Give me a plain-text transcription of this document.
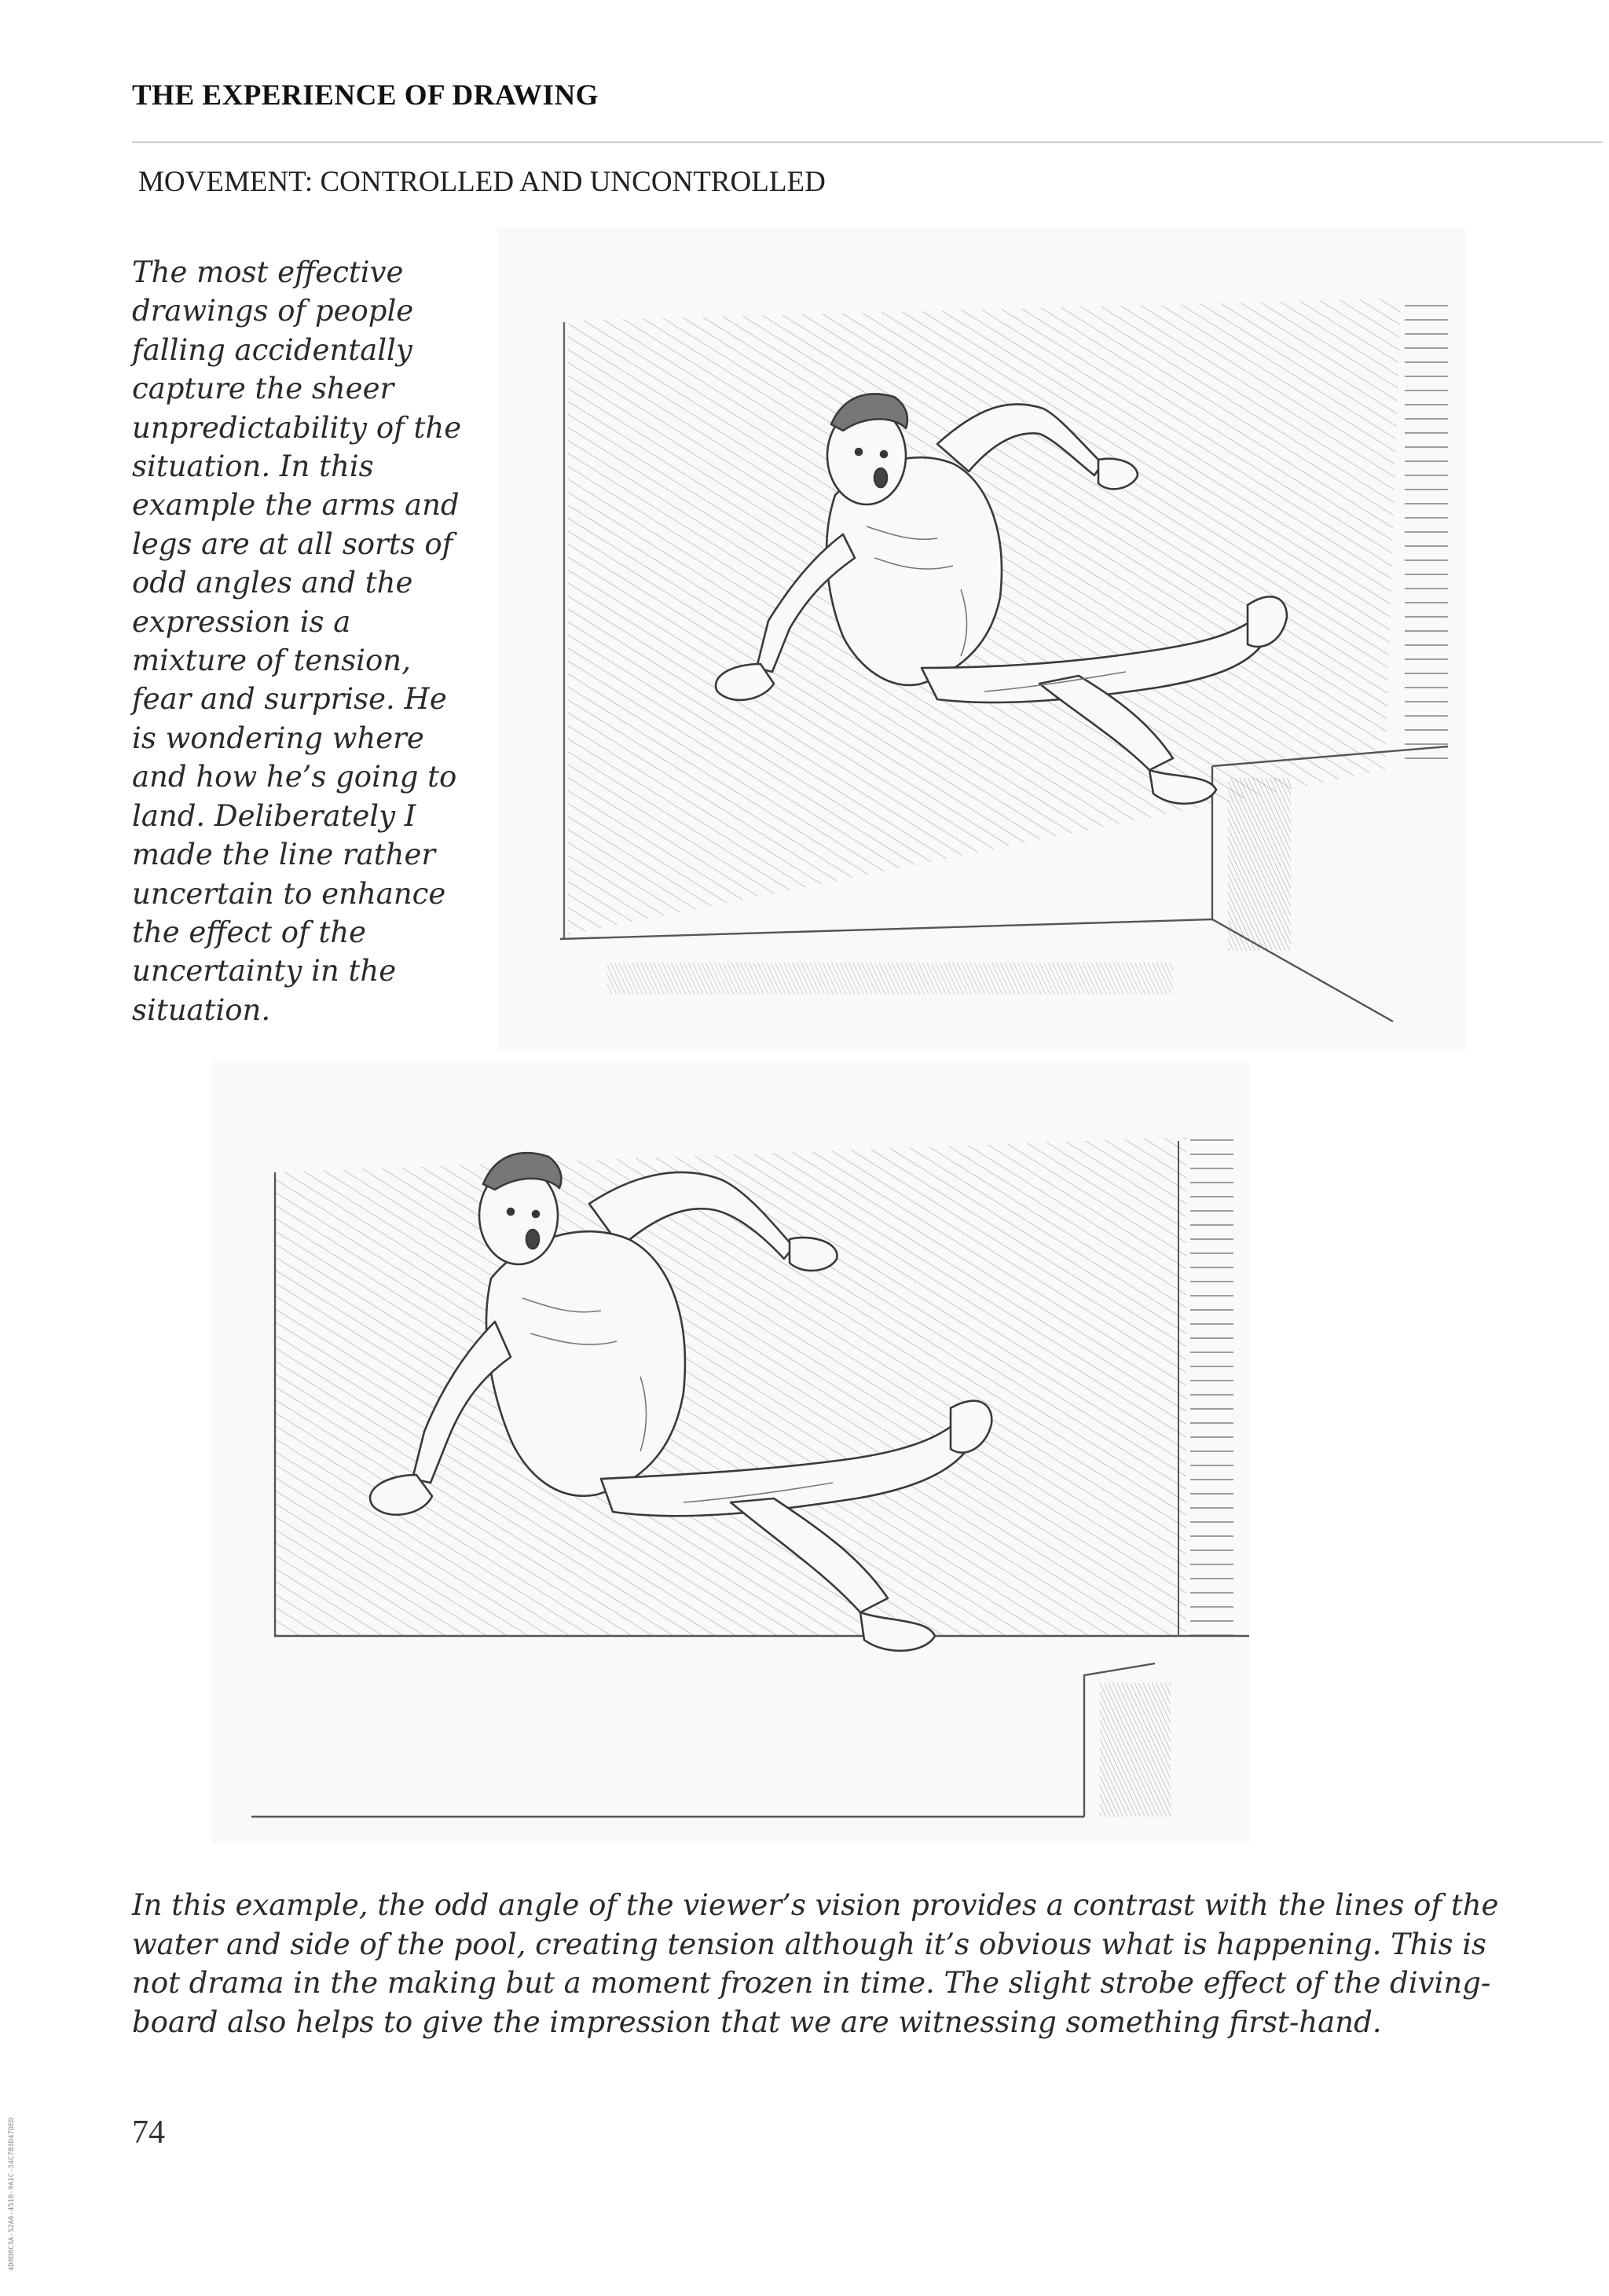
THE EXPERIENCE OF DRAWING
MOVEMENT: CONTROLLED AND UNCONTROLLED
The most effective
drawings of people
falling accidentally
capture the sheer
unpredictability of the
situation. In this
example the arms and
legs are at all sorts of
odd angles and the
expression is a
mixture of tension,
fear and surprise. He
is wondering where
and how he’s going to
land. Deliberately I
made the line rather
uncertain to enhance
the effect of the
uncertainty in the
situation.
In this example, the odd angle of the viewer’s vision provides a contrast with the lines of the
water and side of the pool, creating tension although it’s obvious what is happening. This is
not drama in the making but a moment frozen in time. The slight strobe effect of the diving-
board also helps to give the impression that we are witnessing something first-hand.
74
4D0D8C3A-52A6-4510-9A1C-34C7B3D47DED
